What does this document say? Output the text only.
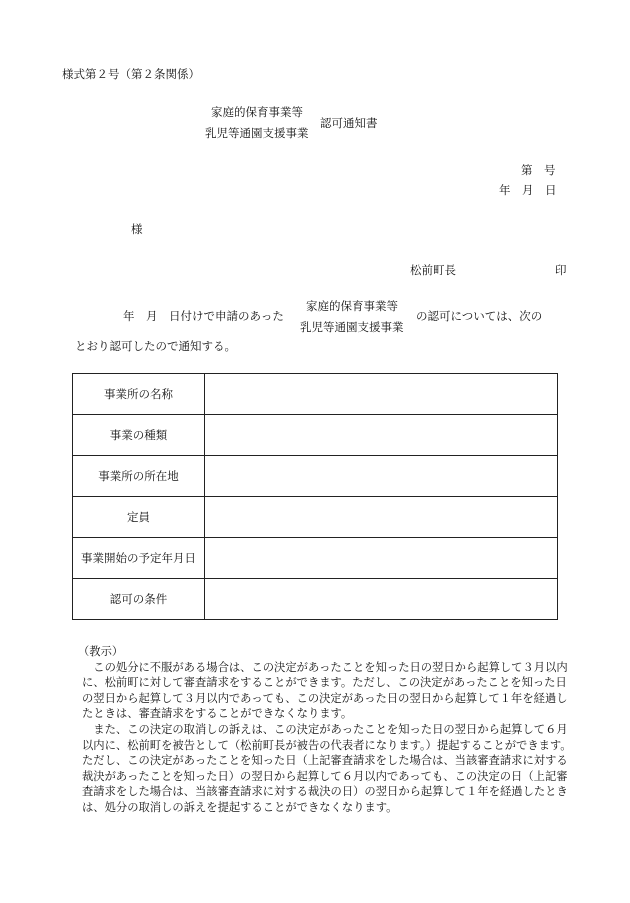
様式第２号（第２条関係）
家庭的保育事業等
乳児等通園支援事業
認可通知書
第　号
年　月　日
様
松前町長	印
年　月　日付けで申請のあった
家庭的保育事業等
乳児等通園支援事業
の認可については、次の
とおり認可したので通知する。
事業所の名称	
事業の種類	
事業所の所在地	
定員	
事業開始の予定年月日	
認可の条件	

（教示）

この処分に不服がある場合は、この決定があったことを知った日の翌日から起算して３月以内に、松前町に対して審査請求をすることができます。ただし、この決定があったことを知った日の翌日から起算して３月以内であっても、この決定があった日の翌日から起算して１年を経過したときは、審査請求をすることができなくなります。

また、この決定の取消しの訴えは、この決定があったことを知った日の翌日から起算して６月以内に、松前町を被告として（松前町長が被告の代表者になります。）提起することができます。ただし、この決定があったことを知った日（上記審査請求をした場合は、当該審査請求に対する裁決があったことを知った日）の翌日から起算して６月以内であっても、この決定の日（上記審査請求をした場合は、当該審査請求に対する裁決の日）の翌日から起算して１年を経過したときは、処分の取消しの訴えを提起することができなくなります。
